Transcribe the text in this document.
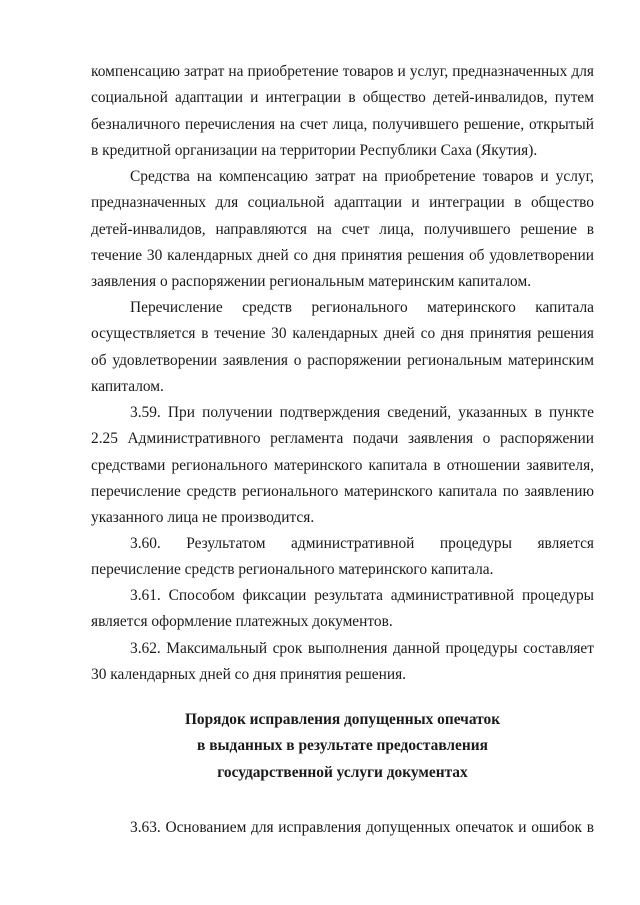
компенсацию затрат на приобретение товаров и услуг, предназначенных для социальной адаптации и интеграции в общество детей-инвалидов, путем безналичного перечисления на счет лица, получившего решение, открытый в кредитной организации на территории Республики Саха (Якутия).

Средства на компенсацию затрат на приобретение товаров и услуг, предназначенных для социальной адаптации и интеграции в общество детей-инвалидов, направляются на счет лица, получившего решение в течение 30 календарных дней со дня принятия решения об удовлетворении заявления о распоряжении региональным материнским капиталом.

Перечисление средств регионального материнского капитала осуществляется в течение 30 календарных дней со дня принятия решения об удовлетворении заявления о распоряжении региональным материнским капиталом.

3.59. При получении подтверждения сведений, указанных в пункте 2.25 Административного регламента подачи заявления о распоряжении средствами регионального материнского капитала в отношении заявителя, перечисление средств регионального материнского капитала по заявлению указанного лица не производится.

3.60. Результатом административной процедуры является перечисление средств регионального материнского капитала.

3.61. Способом фиксации результата административной процедуры является оформление платежных документов.

3.62. Максимальный срок выполнения данной процедуры составляет 30 календарных дней со дня принятия решения.

Порядок исправления допущенных опечаток
в выданных в результате предоставления
государственной услуги документах

3.63. Основанием для исправления допущенных опечаток и ошибок в
